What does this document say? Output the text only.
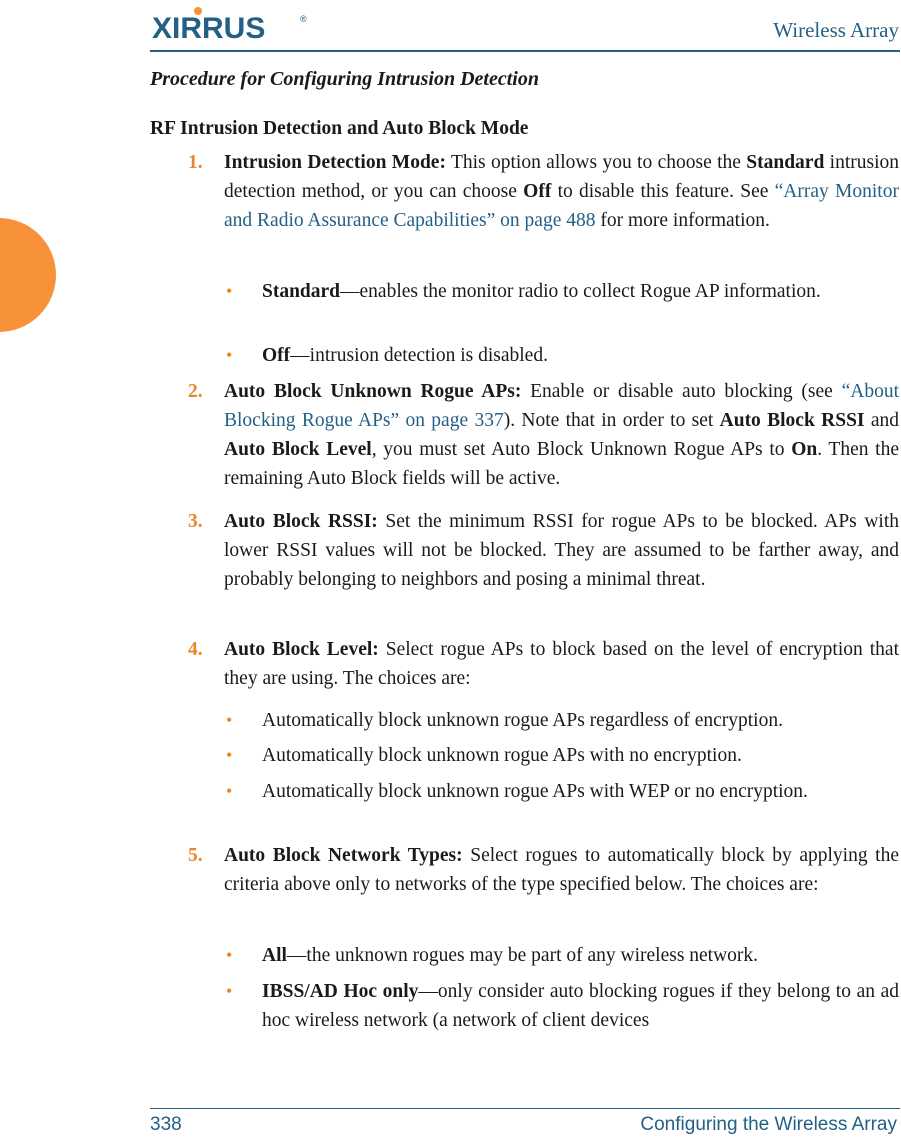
XIRRUS	®	Wireless Array
Procedure for Configuring Intrusion Detection
RF Intrusion Detection and Auto Block Mode
1. Intrusion Detection Mode: This option allows you to choose the Standard intrusion detection method, or you can choose Off to disable this feature. See “Array Monitor and Radio Assurance Capabilities” on page 488 for more information.
• Standard—enables the monitor radio to collect Rogue AP information.
• Off—intrusion detection is disabled.
2. Auto Block Unknown Rogue APs: Enable or disable auto blocking (see “About Blocking Rogue APs” on page 337). Note that in order to set Auto Block RSSI and Auto Block Level, you must set Auto Block Unknown Rogue APs to On. Then the remaining Auto Block fields will be active.
3. Auto Block RSSI: Set the minimum RSSI for rogue APs to be blocked. APs with lower RSSI values will not be blocked. They are assumed to be farther away, and probably belonging to neighbors and posing a minimal threat.
4. Auto Block Level: Select rogue APs to block based on the level of encryption that they are using. The choices are:
• Automatically block unknown rogue APs regardless of encryption.
• Automatically block unknown rogue APs with no encryption.
• Automatically block unknown rogue APs with WEP or no encryption.
5. Auto Block Network Types: Select rogues to automatically block by applying the criteria above only to networks of the type specified below. The choices are:
• All—the unknown rogues may be part of any wireless network.
• IBSS/AD Hoc only—only consider auto blocking rogues if they belong to an ad hoc wireless network (a network of client devices
338	Configuring the Wireless Array
